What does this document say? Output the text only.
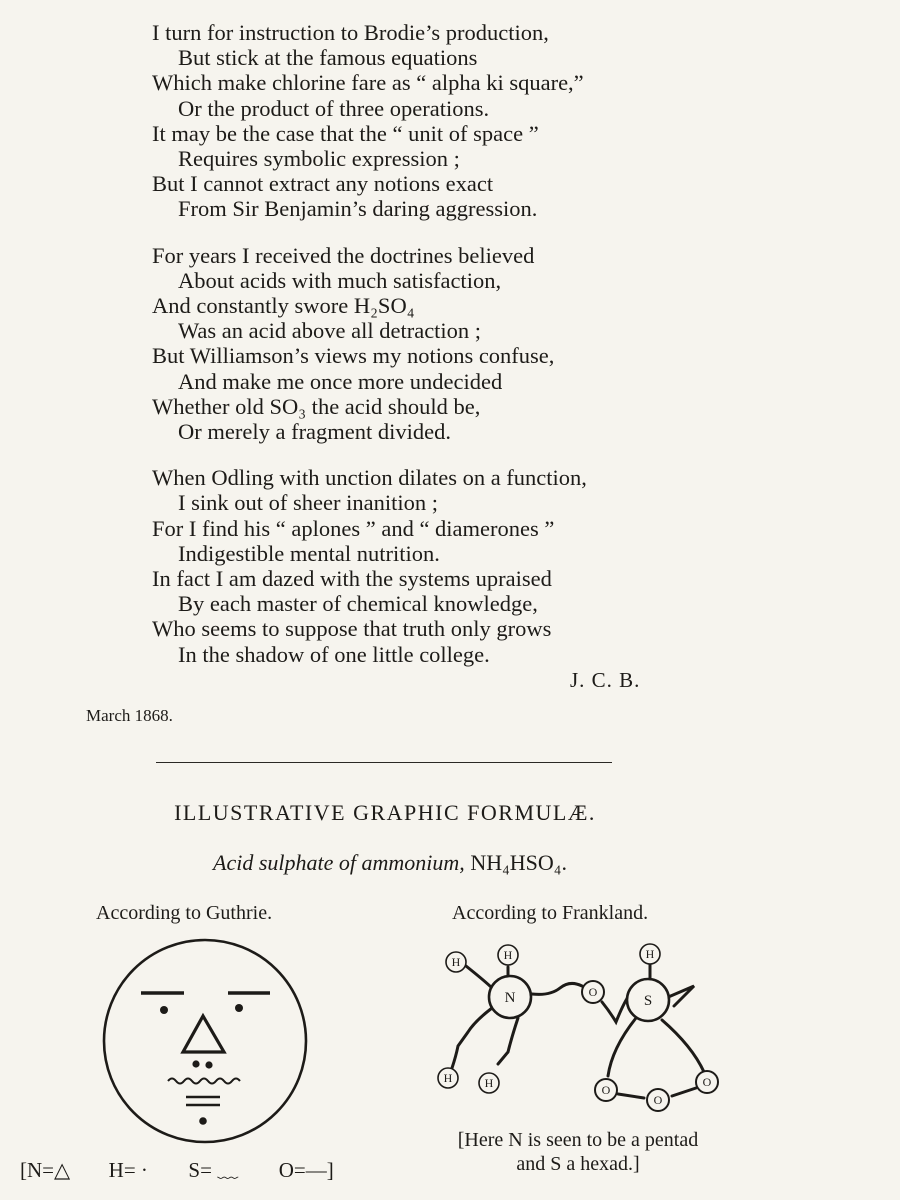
I turn for instruction to Brodie’s production,
But stick at the famous equations
Which make chlorine fare as “ alpha ki square,”
Or the product of three operations.
It may be the case that the “ unit of space ”
Requires symbolic expression ;
But I cannot extract any notions exact
From Sir Benjamin’s daring aggression.
For years I received the doctrines believed
About acids with much satisfaction,
And constantly swore H₂SO₄
Was an acid above all detraction ;
But Williamson’s views my notions confuse,
And make me once more undecided
Whether old SO₃ the acid should be,
Or merely a fragment divided.
When Odling with unction dilates on a function,
I sink out of sheer inanition ;
For I find his “ aplones ” and “ diamerones ”
Indigestible mental nutrition.
In fact I am dazed with the systems upraised
By each master of chemical knowledge,
Who seems to suppose that truth only grows
In the shadow of one little college.
J. C. B.
March 1868.
ILLUSTRATIVE GRAPHIC FORMULÆ.
Acid sulphate of ammonium, NH₄HSO₄.
According to Guthrie.	According to Frankland.
[N=△ H= · S= ﹏ O=—]
H	H
N
H	H
O
H
S
O
O
O
[Here N is seen to be a pentad
and S a hexad.]
